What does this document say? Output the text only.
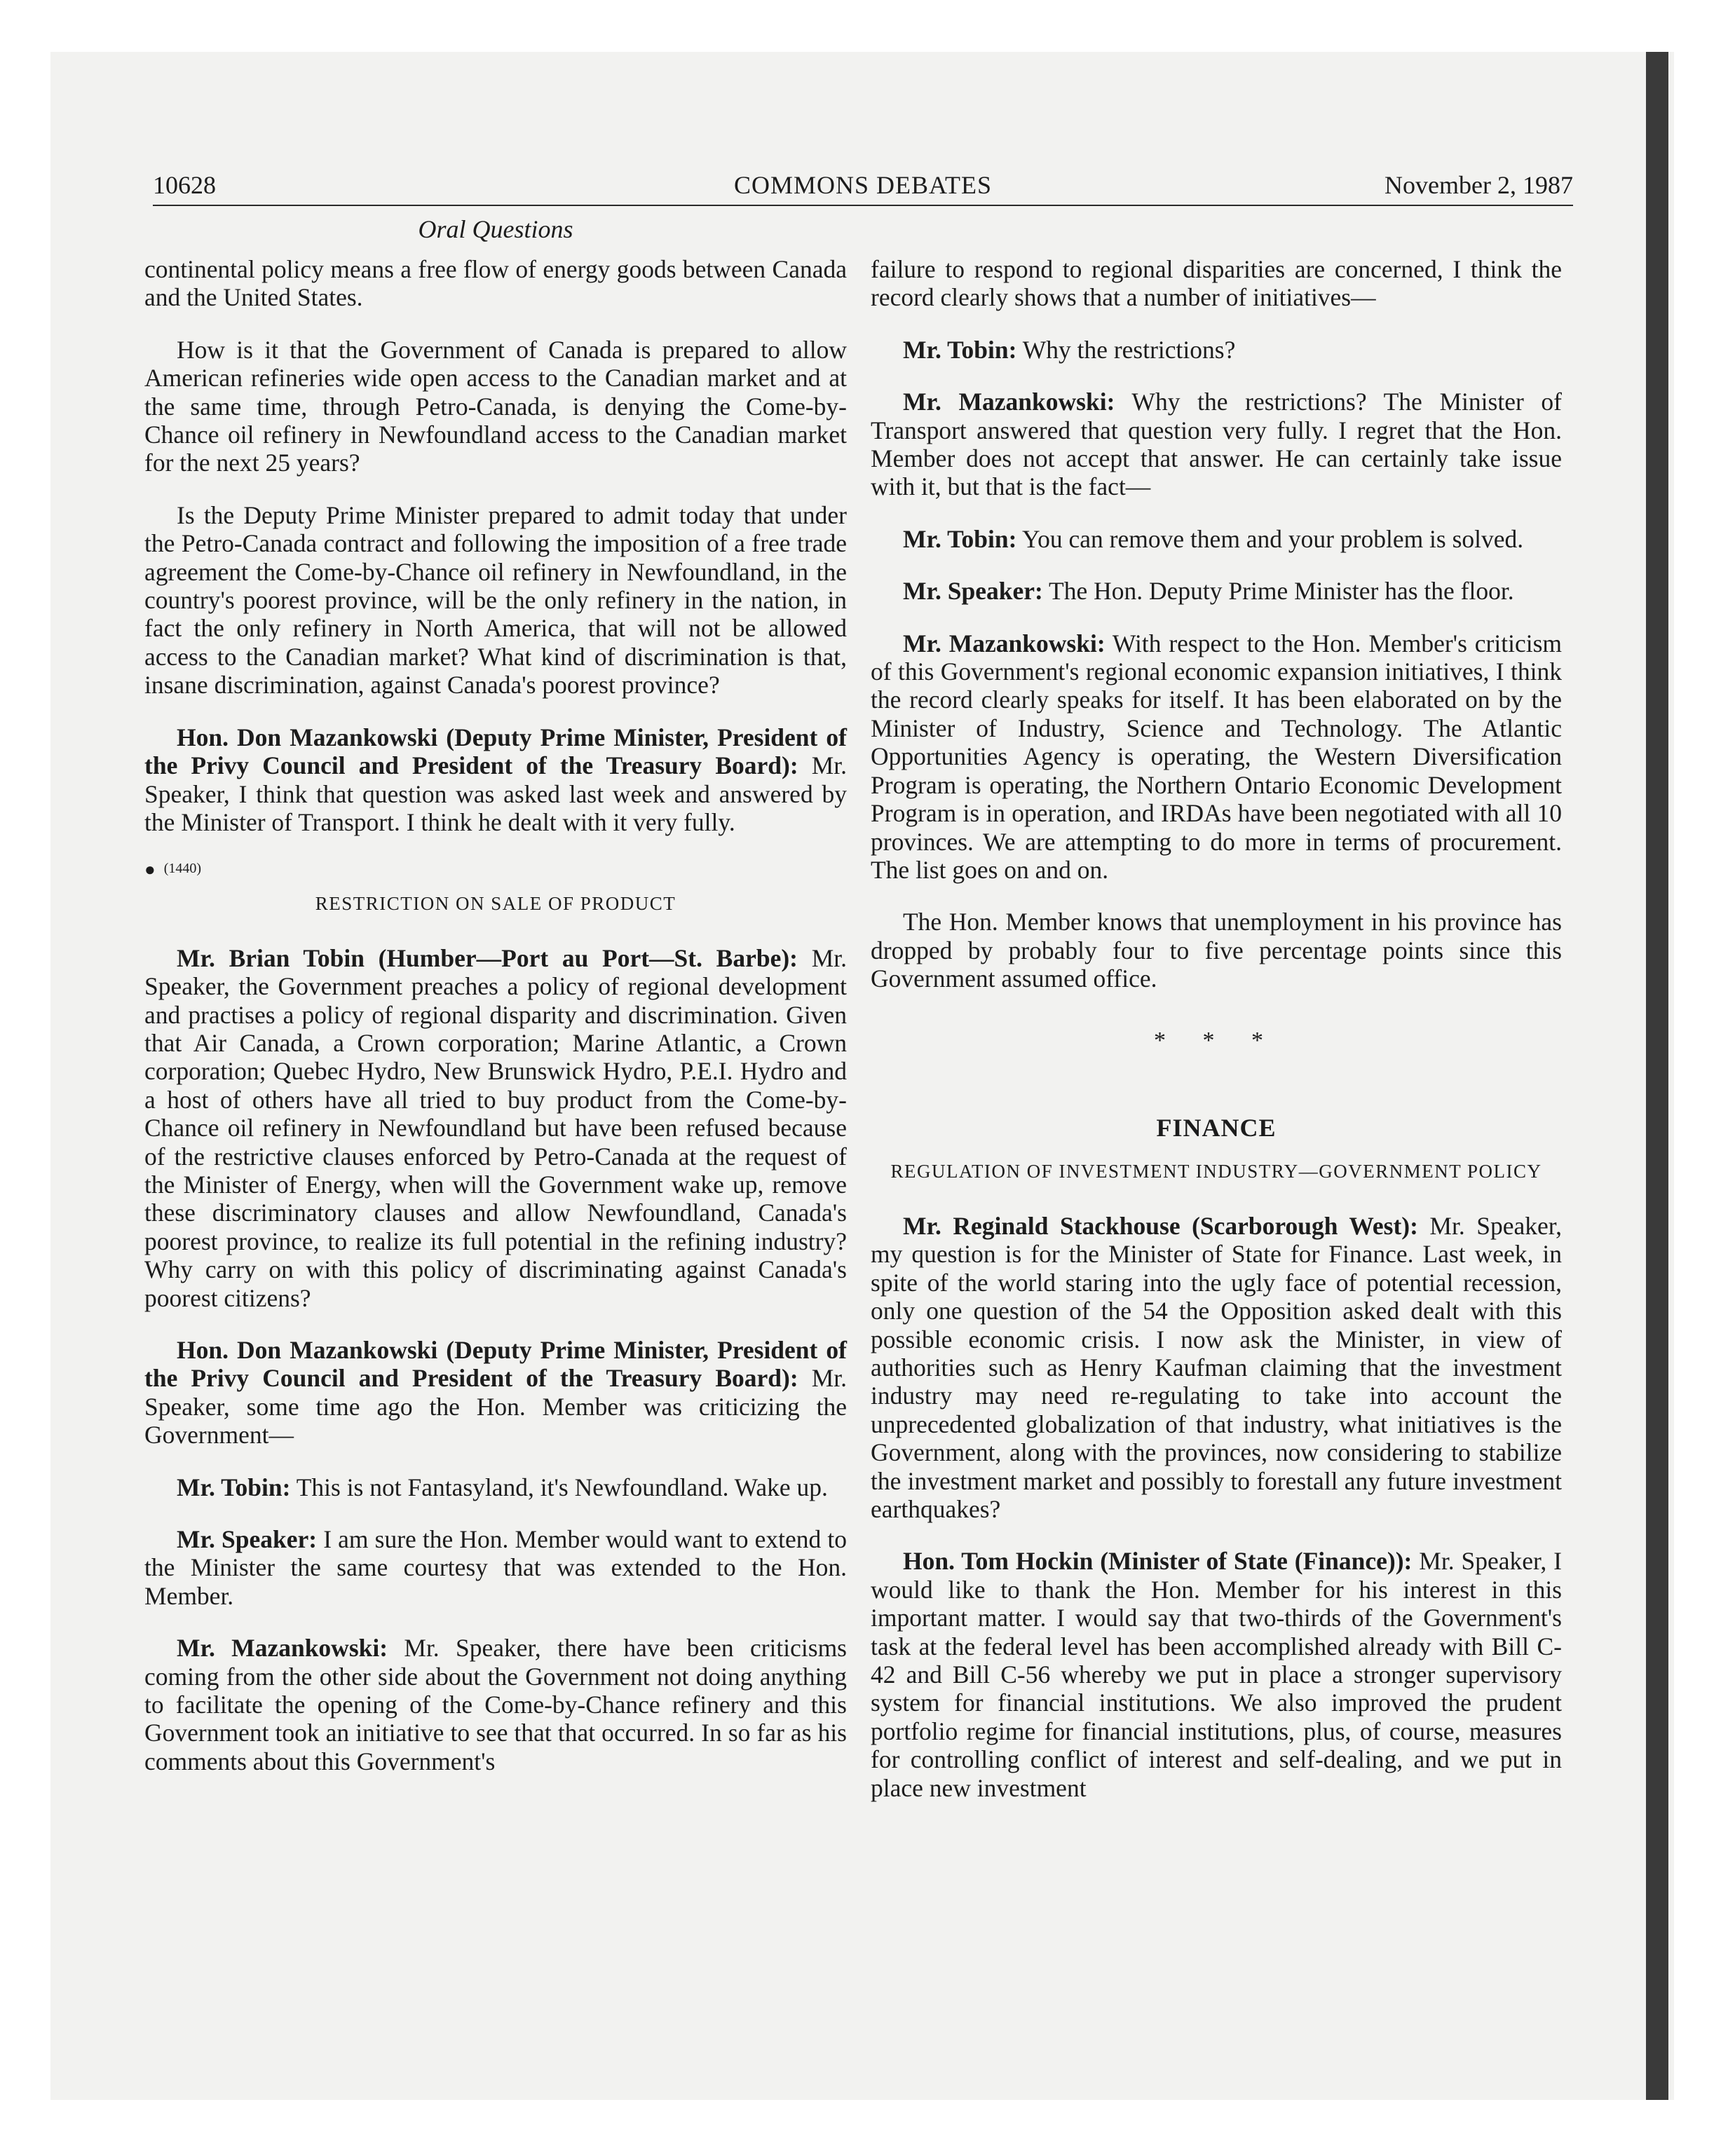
10628	COMMONS DEBATES	November 2, 1987
Oral Questions

continental policy means a free flow of energy goods between Canada and the United States.

How is it that the Government of Canada is prepared to allow American refineries wide open access to the Canadian market and at the same time, through Petro-Canada, is denying the Come-by-Chance oil refinery in Newfoundland access to the Canadian market for the next 25 years?

Is the Deputy Prime Minister prepared to admit today that under the Petro-Canada contract and following the imposition of a free trade agreement the Come-by-Chance oil refinery in Newfoundland, in the country's poorest province, will be the only refinery in the nation, in fact the only refinery in North America, that will not be allowed access to the Canadian market? What kind of discrimination is that, insane discrimination, against Canada's poorest province?

Hon. Don Mazankowski (Deputy Prime Minister, President of the Privy Council and President of the Treasury Board): Mr. Speaker, I think that question was asked last week and answered by the Minister of Transport. I think he dealt with it very fully.

● (1440)
RESTRICTION ON SALE OF PRODUCT

Mr. Brian Tobin (Humber—Port au Port—St. Barbe): Mr. Speaker, the Government preaches a policy of regional development and practises a policy of regional disparity and discrimination. Given that Air Canada, a Crown corporation; Marine Atlantic, a Crown corporation; Quebec Hydro, New Brunswick Hydro, P.E.I. Hydro and a host of others have all tried to buy product from the Come-by-Chance oil refinery in Newfoundland but have been refused because of the restrictive clauses enforced by Petro-Canada at the request of the Minister of Energy, when will the Government wake up, remove these discriminatory clauses and allow Newfoundland, Canada's poorest province, to realize its full potential in the refining industry? Why carry on with this policy of discriminating against Canada's poorest citizens?

Hon. Don Mazankowski (Deputy Prime Minister, President of the Privy Council and President of the Treasury Board): Mr. Speaker, some time ago the Hon. Member was criticizing the Government—

Mr. Tobin: This is not Fantasyland, it's Newfoundland. Wake up.

Mr. Speaker: I am sure the Hon. Member would want to extend to the Minister the same courtesy that was extended to the Hon. Member.

Mr. Mazankowski: Mr. Speaker, there have been criticisms coming from the other side about the Government not doing anything to facilitate the opening of the Come-by-Chance refinery and this Government took an initiative to see that that occurred. In so far as his comments about this Government's

failure to respond to regional disparities are concerned, I think the record clearly shows that a number of initiatives—

Mr. Tobin: Why the restrictions?

Mr. Mazankowski: Why the restrictions? The Minister of Transport answered that question very fully. I regret that the Hon. Member does not accept that answer. He can certainly take issue with it, but that is the fact—

Mr. Tobin: You can remove them and your problem is solved.

Mr. Speaker: The Hon. Deputy Prime Minister has the floor.

Mr. Mazankowski: With respect to the Hon. Member's criticism of this Government's regional economic expansion initiatives, I think the record clearly speaks for itself. It has been elaborated on by the Minister of Industry, Science and Technology. The Atlantic Opportunities Agency is operating, the Western Diversification Program is operating, the Northern Ontario Economic Development Program is in operation, and IRDAs have been negotiated with all 10 provinces. We are attempting to do more in terms of procurement. The list goes on and on.

The Hon. Member knows that unemployment in his province has dropped by probably four to five percentage points since this Government assumed office.

* * *
FINANCE
REGULATION OF INVESTMENT INDUSTRY—GOVERNMENT POLICY

Mr. Reginald Stackhouse (Scarborough West): Mr. Speaker, my question is for the Minister of State for Finance. Last week, in spite of the world staring into the ugly face of potential recession, only one question of the 54 the Opposition asked dealt with this possible economic crisis. I now ask the Minister, in view of authorities such as Henry Kaufman claiming that the investment industry may need re-regulating to take into account the unprecedented globalization of that industry, what initiatives is the Government, along with the provinces, now considering to stabilize the investment market and possibly to forestall any future investment earthquakes?

Hon. Tom Hockin (Minister of State (Finance)): Mr. Speaker, I would like to thank the Hon. Member for his interest in this important matter. I would say that two-thirds of the Government's task at the federal level has been accomplished already with Bill C-42 and Bill C-56 whereby we put in place a stronger supervisory system for financial institutions. We also improved the prudent portfolio regime for financial institutions, plus, of course, measures for controlling conflict of interest and self-dealing, and we put in place new investment
